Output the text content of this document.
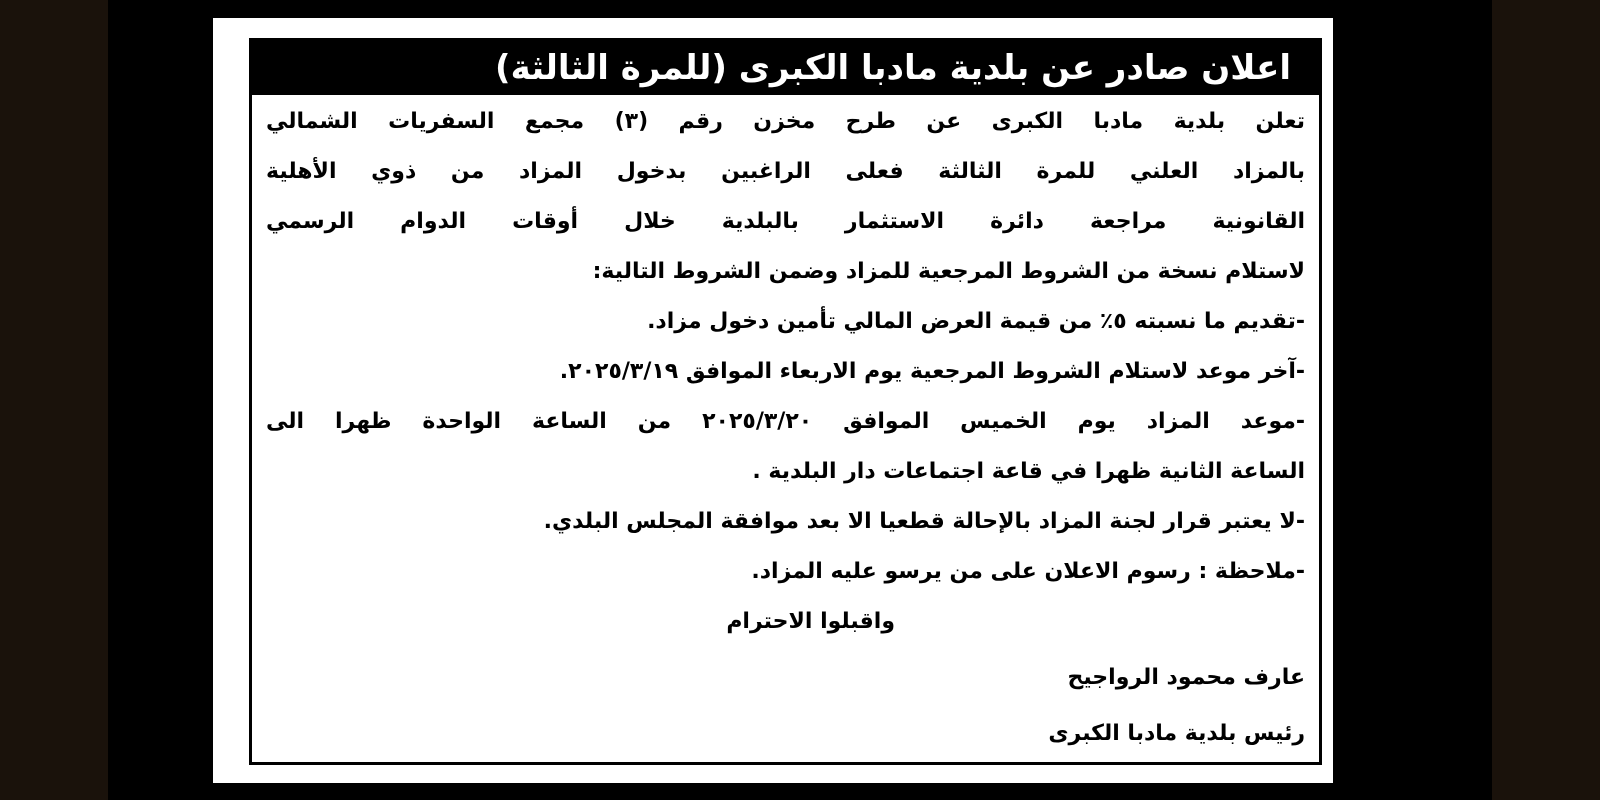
اعلان صادر عن بلدية مادبا الكبرى (للمرة الثالثة)
تعلن بلدية مادبا الكبرى عن طرح مخزن رقم (٣) مجمع السفريات الشمالي
بالمزاد العلني للمرة الثالثة فعلى الراغبين بدخول المزاد من ذوي الأهلية
القانونية مراجعة دائرة الاستثمار بالبلدية خلال أوقات الدوام الرسمي
لاستلام نسخة من الشروط المرجعية للمزاد وضمن الشروط التالية:
-تقديم ما نسبته ٥٪ من قيمة العرض المالي تأمين دخول مزاد.
-آخر موعد لاستلام الشروط المرجعية يوم الاربعاء الموافق ٢٠٢٥/٣/١٩.
-موعد المزاد يوم الخميس الموافق ٢٠٢٥/٣/٢٠ من الساعة الواحدة ظهرا الى
الساعة الثانية ظهرا في قاعة اجتماعات دار البلدية .
-لا يعتبر قرار لجنة المزاد بالإحالة قطعيا الا بعد موافقة المجلس البلدي.
-ملاحظة : رسوم الاعلان على من يرسو عليه المزاد.
واقبلوا الاحترام
عارف محمود الرواجيح
رئيس بلدية مادبا الكبرى
